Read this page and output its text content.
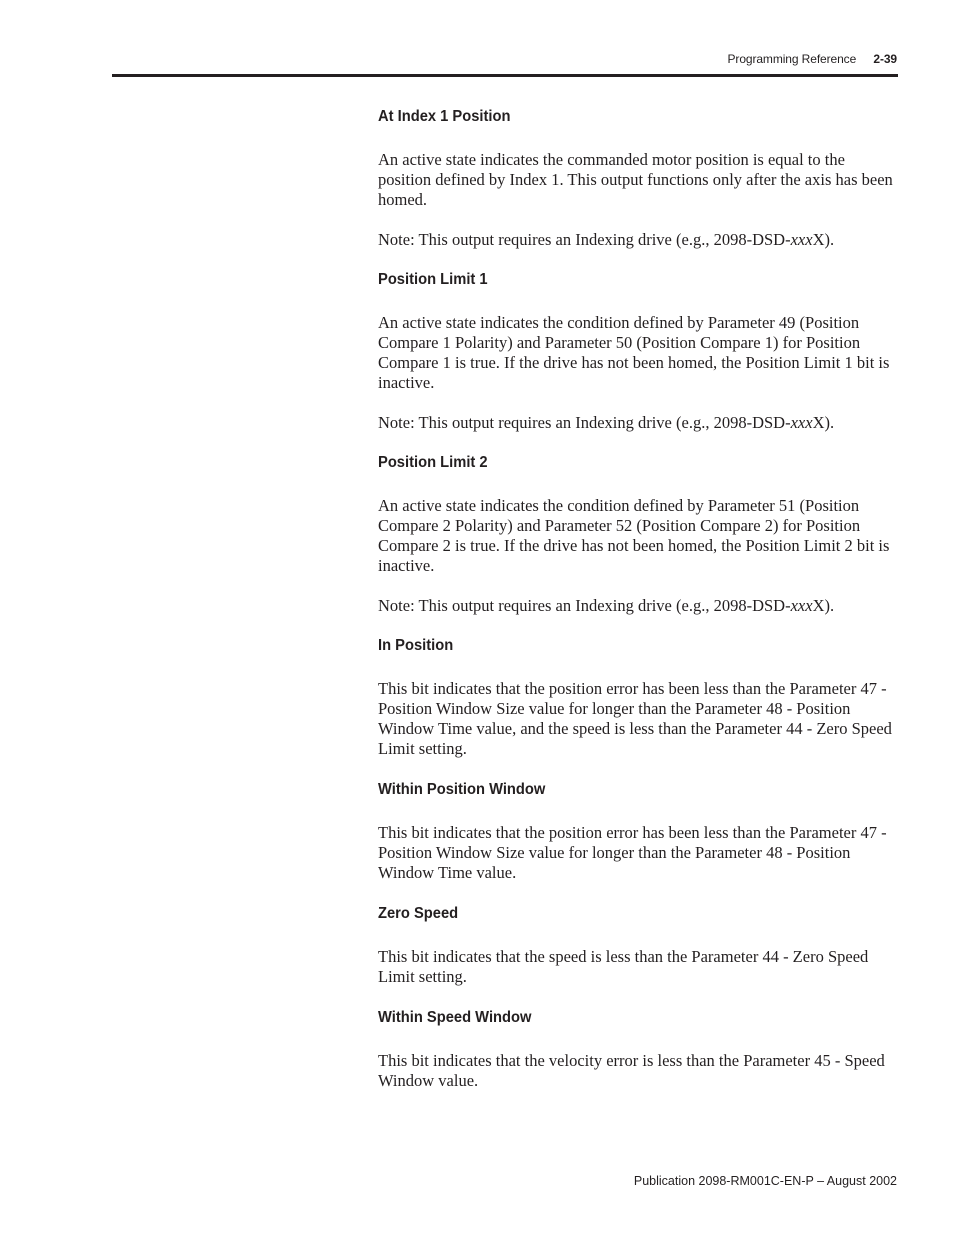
Programming Reference 2-39
At Index 1 Position

An active state indicates the commanded motor position is equal to the position defined by Index 1. This output functions only after the axis has been homed.

Note: This output requires an Indexing drive (e.g., 2098-DSD-xxxX).

Position Limit 1

An active state indicates the condition defined by Parameter 49 (Position Compare 1 Polarity) and Parameter 50 (Position Compare 1) for Position Compare 1 is true. If the drive has not been homed, the Position Limit 1 bit is inactive.

Note: This output requires an Indexing drive (e.g., 2098-DSD-xxxX).

Position Limit 2

An active state indicates the condition defined by Parameter 51 (Position Compare 2 Polarity) and Parameter 52 (Position Compare 2) for Position Compare 2 is true. If the drive has not been homed, the Position Limit 2 bit is inactive.

Note: This output requires an Indexing drive (e.g., 2098-DSD-xxxX).

In Position

This bit indicates that the position error has been less than the Parameter 47 - Position Window Size value for longer than the Parameter 48 - Position Window Time value, and the speed is less than the Parameter 44 - Zero Speed Limit setting.

Within Position Window

This bit indicates that the position error has been less than the Parameter 47 - Position Window Size value for longer than the Parameter 48 - Position Window Time value.

Zero Speed

This bit indicates that the speed is less than the Parameter 44 - Zero Speed Limit setting.

Within Speed Window

This bit indicates that the velocity error is less than the Parameter 45 - Speed Window value.

Publication 2098-RM001C-EN-P – August 2002
